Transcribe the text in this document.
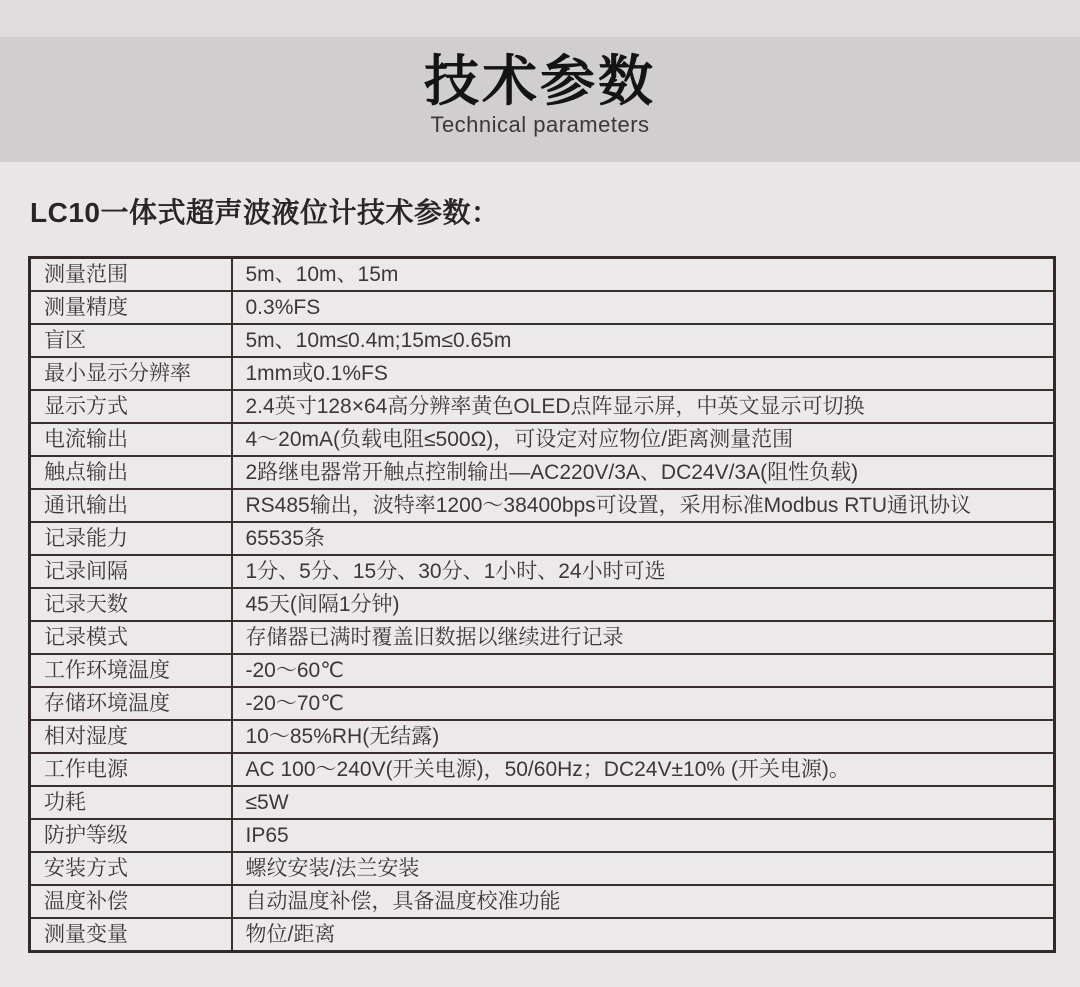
技术参数
Technical parameters
LC10一体式超声波液位计技术参数：
测量范围	5m、10m、15m
测量精度	0.3%FS
盲区	5m、10m≤0.4m;15m≤0.65m
最小显示分辨率	1mm或0.1%FS
显示方式	2.4英寸128×64高分辨率黄色OLED点阵显示屏，中英文显示可切换
电流输出	4～20mA(负载电阻≤500Ω)，可设定对应物位/距离测量范围
触点输出	2路继电器常开触点控制输出—AC220V/3A、DC24V/3A(阻性负载)
通讯输出	RS485输出，波特率1200～38400bps可设置，采用标准Modbus RTU通讯协议
记录能力	65535条
记录间隔	1分、5分、15分、30分、1小时、24小时可选
记录天数	45天(间隔1分钟)
记录模式	存储器已满时覆盖旧数据以继续进行记录
工作环境温度	-20～60℃
存储环境温度	-20～70℃
相对湿度	10～85%RH(无结露)
工作电源	AC 100～240V(开关电源)，50/60Hz；DC24V±10% (开关电源)。
功耗	≤5W
防护等级	IP65
安装方式	螺纹安装/法兰安装
温度补偿	自动温度补偿，具备温度校准功能
测量变量	物位/距离
